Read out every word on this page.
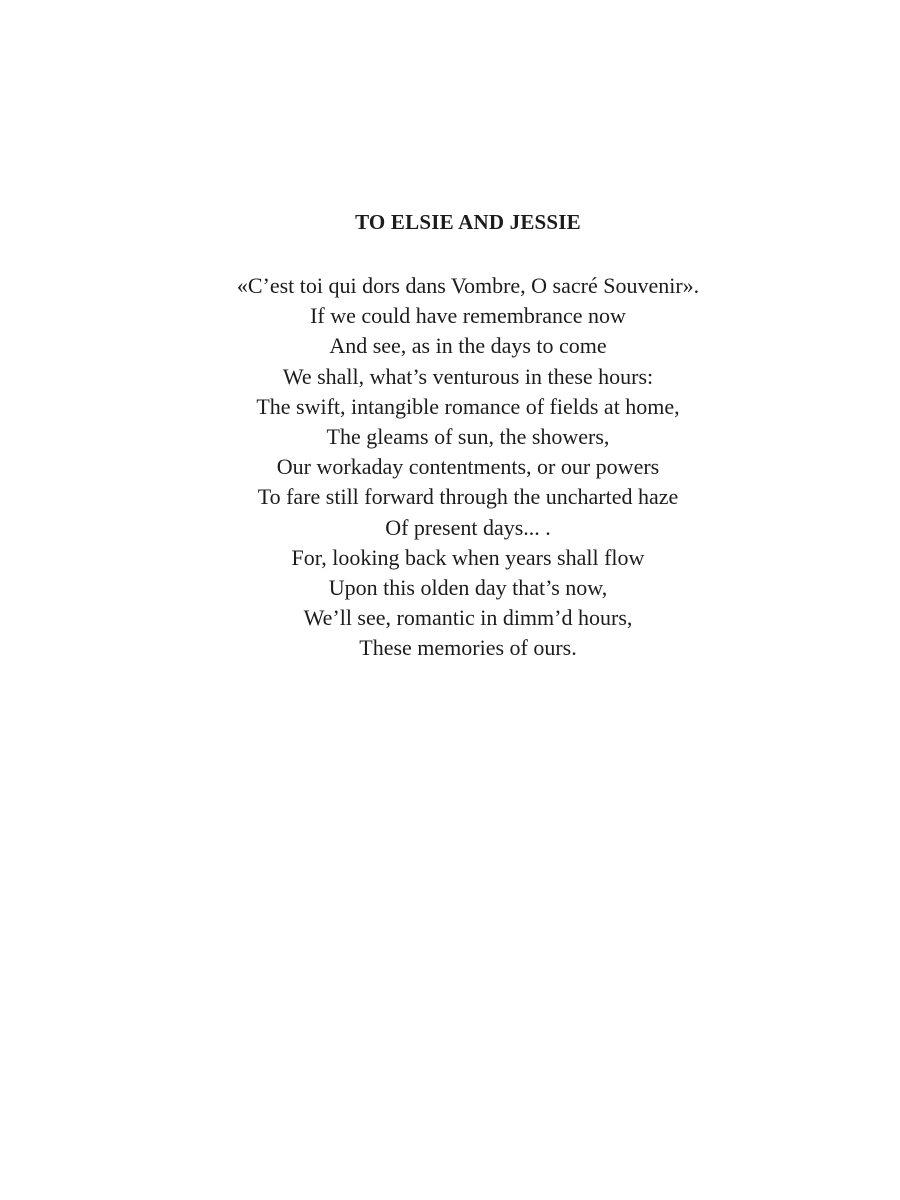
TO ELSIE AND JESSIE
«C’est toi qui dors dans Vombre, O sacré Souvenir».
If we could have remembrance now
And see, as in the days to come
We shall, what’s venturous in these hours:
The swift, intangible romance of fields at home,
The gleams of sun, the showers,
Our workaday contentments, or our powers
To fare still forward through the uncharted haze
Of present days... .
For, looking back when years shall flow
Upon this olden day that’s now,
We’ll see, romantic in dimm’d hours,
These memories of ours.
